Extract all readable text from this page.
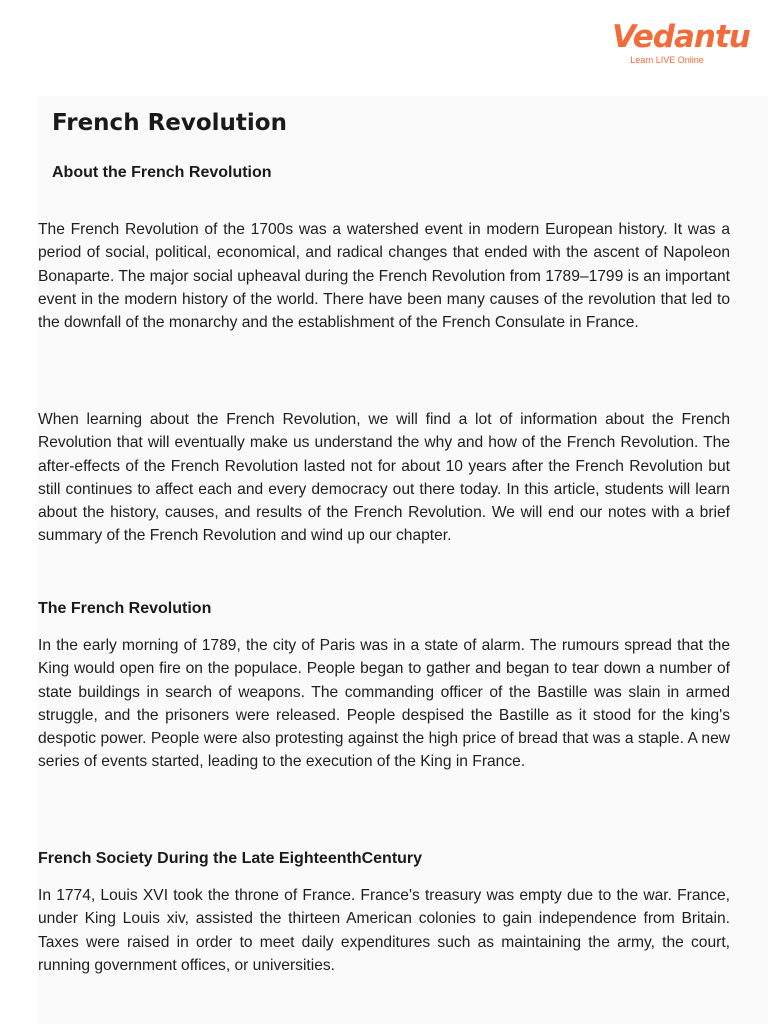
Vedantu
Learn LIVE Online
French Revolution
About the French Revolution

The French Revolution of the 1700s was a watershed event in modern European history. It was a period of social, political, economical, and radical changes that ended with the ascent of Napoleon Bonaparte. The major social upheaval during the French Revolution from 1789–1799 is an important event in the modern history of the world. There have been many causes of the revolution that led to the downfall of the monarchy and the establishment of the French Consulate in France.

When learning about the French Revolution, we will find a lot of information about the French Revolution that will eventually make us understand the why and how of the French Revolution. The after-effects of the French Revolution lasted not for about 10 years after the French Revolution but still continues to affect each and every democracy out there today. In this article, students will learn about the history, causes, and results of the French Revolution. We will end our notes with a brief summary of the French Revolution and wind up our chapter.

The French Revolution

In the early morning of 1789, the city of Paris was in a state of alarm. The rumours spread that the King would open fire on the populace. People began to gather and began to tear down a number of state buildings in search of weapons. The commanding officer of the Bastille was slain in armed struggle, and the prisoners were released. People despised the Bastille as it stood for the king's despotic power. People were also protesting against the high price of bread that was a staple. A new series of events started, leading to the execution of the King in France.

French Society During the Late EighteenthCentury

In 1774, Louis XVI took the throne of France. France's treasury was empty due to the war. France, under King Louis xiv, assisted the thirteen American colonies to gain independence from Britain. Taxes were raised in order to meet daily expenditures such as maintaining the army, the court, running government offices, or universities.
